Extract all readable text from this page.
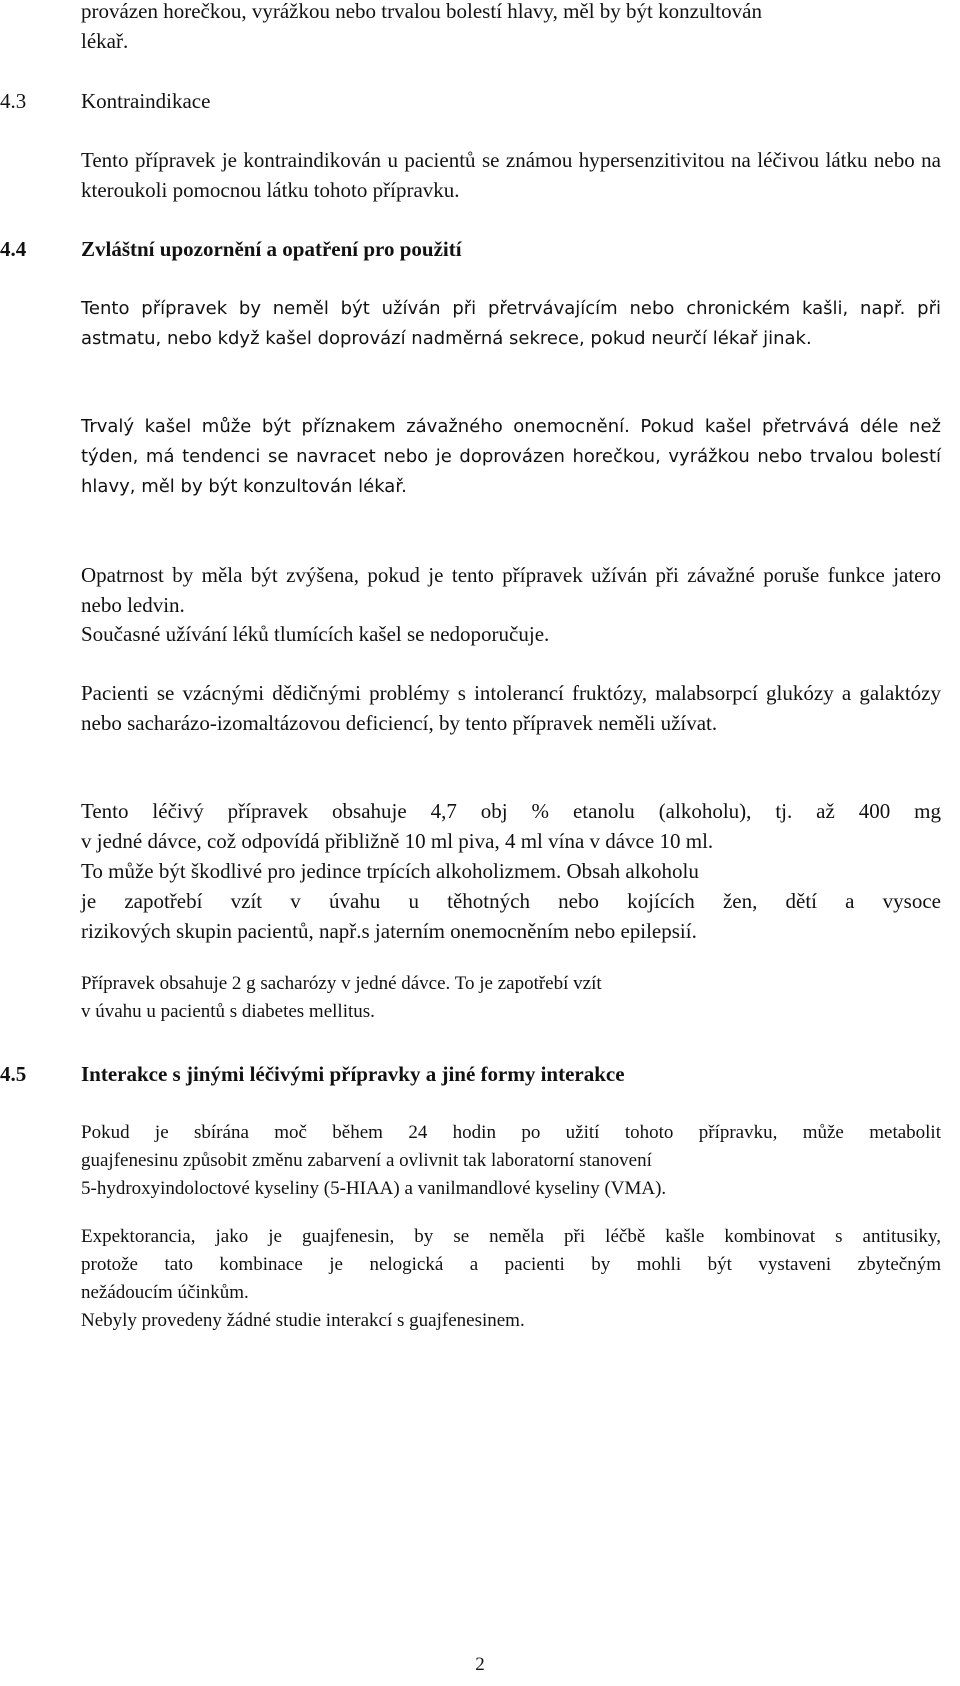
provázen horečkou, vyrážkou nebo trvalou bolestí hlavy, měl by být konzultován
lékař.
4.3	Kontraindikace
Tento přípravek je kontraindikován u pacientů se známou hypersenzitivitou na léčivou látku nebo na kteroukoli pomocnou látku tohoto přípravku.
4.4	Zvláštní upozornění a opatření pro použití
Tento přípravek by neměl být užíván při přetrvávajícím nebo chronickém kašli, např. při astmatu, nebo když kašel doprovází nadměrná sekrece, pokud neurčí lékař jinak.
Trvalý kašel může být příznakem závažného onemocnění. Pokud kašel přetrvává déle než týden, má tendenci se navracet nebo je doprovázen horečkou, vyrážkou nebo trvalou bolestí hlavy, měl by být konzultován lékař.
Opatrnost by měla být zvýšena, pokud je tento přípravek užíván při závažné poruše funkce jatero nebo ledvin.
Současné užívání léků tlumících kašel se nedoporučuje.
Pacienti se vzácnými dědičnými problémy s intolerancí fruktózy, malabsorpcí glukózy a galaktózy nebo sacharázo-izomaltázovou deficiencí, by tento přípravek neměli užívat.
Tento léčivý přípravek obsahuje 4,7 obj % etanolu (alkoholu), tj. až 400 mg
v jedné dávce, což odpovídá přibližně 10 ml piva, 4 ml vína v dávce 10 ml.
To může být škodlivé pro jedince trpících alkoholizmem. Obsah alkoholu
je zapotřebí vzít v úvahu u těhotných nebo kojících žen, dětí a vysoce
rizikových skupin pacientů, např.s jaterním onemocněním nebo epilepsií.
Přípravek obsahuje 2 g sacharózy v jedné dávce. To je zapotřebí vzít
v úvahu u pacientů s diabetes mellitus.
4.5	Interakce s jinými léčivými přípravky a jiné formy interakce
Pokud je sbírána moč během 24 hodin po užití tohoto přípravku, může metabolit
guajfenesinu způsobit změnu zabarvení a ovlivnit tak laboratorní stanovení
5-hydroxyindoloctové kyseliny (5-HIAA) a vanilmandlové kyseliny (VMA).
Expektorancia, jako je guajfenesin, by se neměla při léčbě kašle kombinovat s antitusiky,
protože tato kombinace je nelogická a pacienti by mohli být vystaveni zbytečným
nežádoucím účinkům.
Nebyly provedeny žádné studie interakcí s guajfenesinem.
2
